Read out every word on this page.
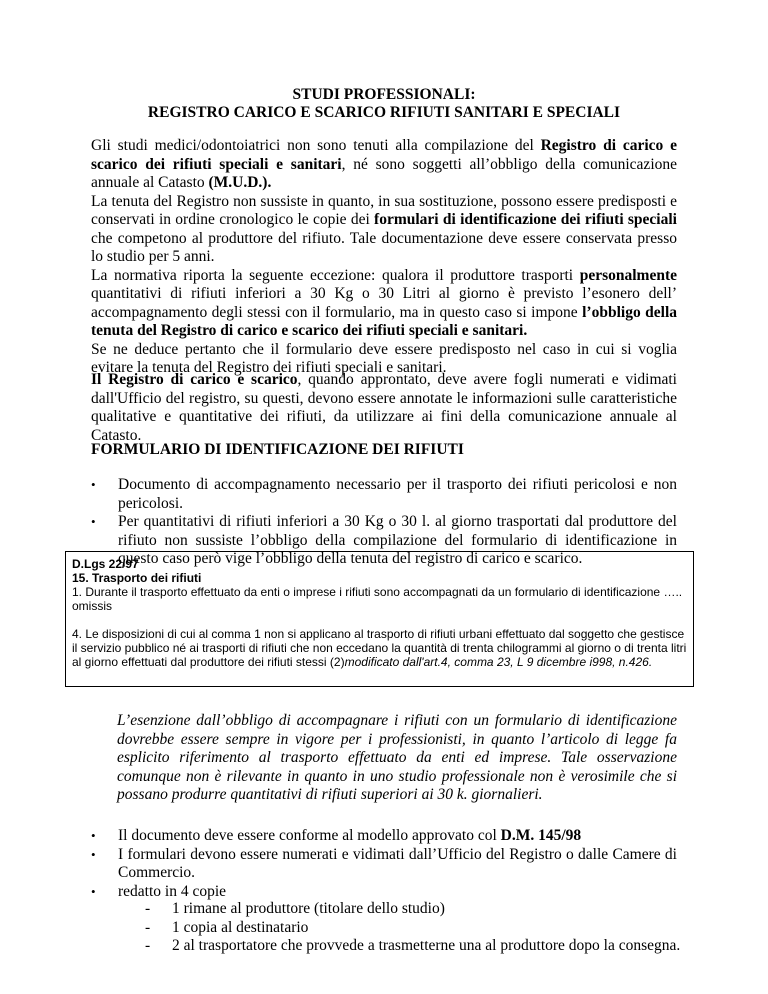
STUDI PROFESSIONALI:
REGISTRO CARICO E SCARICO RIFIUTI SANITARI E SPECIALI
Gli studi medici/odontoiatrici non sono tenuti alla compilazione del Registro di carico e scarico dei rifiuti speciali e sanitari, né sono soggetti all’obbligo della comunicazione annuale al Catasto (M.U.D.).
La tenuta del Registro non sussiste in quanto, in sua sostituzione, possono essere predisposti e conservati in ordine cronologico le copie dei formulari di identificazione dei rifiuti speciali che competono al produttore del rifiuto. Tale documentazione deve essere conservata presso lo studio per 5 anni.
La normativa riporta la seguente eccezione: qualora il produttore trasporti personalmente quantitativi di rifiuti inferiori a 30 Kg o 30 Litri al giorno è previsto l’esonero dell’ accompagnamento degli stessi con il formulario, ma in questo caso si impone l’obbligo della tenuta del Registro di carico e scarico dei rifiuti speciali e sanitari.
Se ne deduce pertanto che il formulario deve essere predisposto nel caso in cui si voglia evitare la tenuta del Registro dei rifiuti speciali e sanitari.
Il Registro di carico e scarico, quando approntato, deve avere fogli numerati e vidimati dall'Ufficio del registro, su questi, devono essere annotate le informazioni sulle caratteristiche qualitative e quantitative dei rifiuti, da utilizzare ai fini della comunicazione annuale al Catasto.
FORMULARIO DI IDENTIFICAZIONE DEI RIFIUTI
• Documento di accompagnamento necessario per il trasporto dei rifiuti pericolosi e non pericolosi.
• Per quantitativi di rifiuti inferiori a 30 Kg o 30 l. al giorno trasportati dal produttore del rifiuto non sussiste l’obbligo della compilazione del formulario di identificazione in questo caso però vige l’obbligo della tenuta del registro di carico e scarico.
D.Lgs 22/97
15. Trasporto dei rifiuti
1. Durante il trasporto effettuato da enti o imprese i rifiuti sono accompagnati da un formulario di identificazione ….. omissis
4. Le disposizioni di cui al comma 1 non si applicano al trasporto di rifiuti urbani effettuato dal soggetto che gestisce il servizio pubblico né ai trasporti di rifiuti che non eccedano la quantità di trenta chilogrammi al giorno o di trenta litri al giorno effettuati dal produttore dei rifiuti stessi (2)modificato dall'art.4, comma 23, L 9 dicembre i998, n.426.
L’esenzione dall’obbligo di accompagnare i rifiuti con un formulario di identificazione dovrebbe essere sempre in vigore per i professionisti, in quanto l’articolo di legge fa esplicito riferimento al trasporto effettuato da enti ed imprese. Tale osservazione comunque non è rilevante in quanto in uno studio professionale non è verosimile che si possano produrre quantitativi di rifiuti superiori ai 30 k. giornalieri.
• Il documento deve essere conforme al modello approvato col D.M. 145/98
• I formulari devono essere numerati e vidimati dall’Ufficio del Registro o dalle Camere di Commercio.
• redatto in 4 copie
- 1 rimane al produttore (titolare dello studio)
- 1 copia al destinatario
- 2 al trasportatore che provvede a trasmetterne una al produttore dopo la consegna.
